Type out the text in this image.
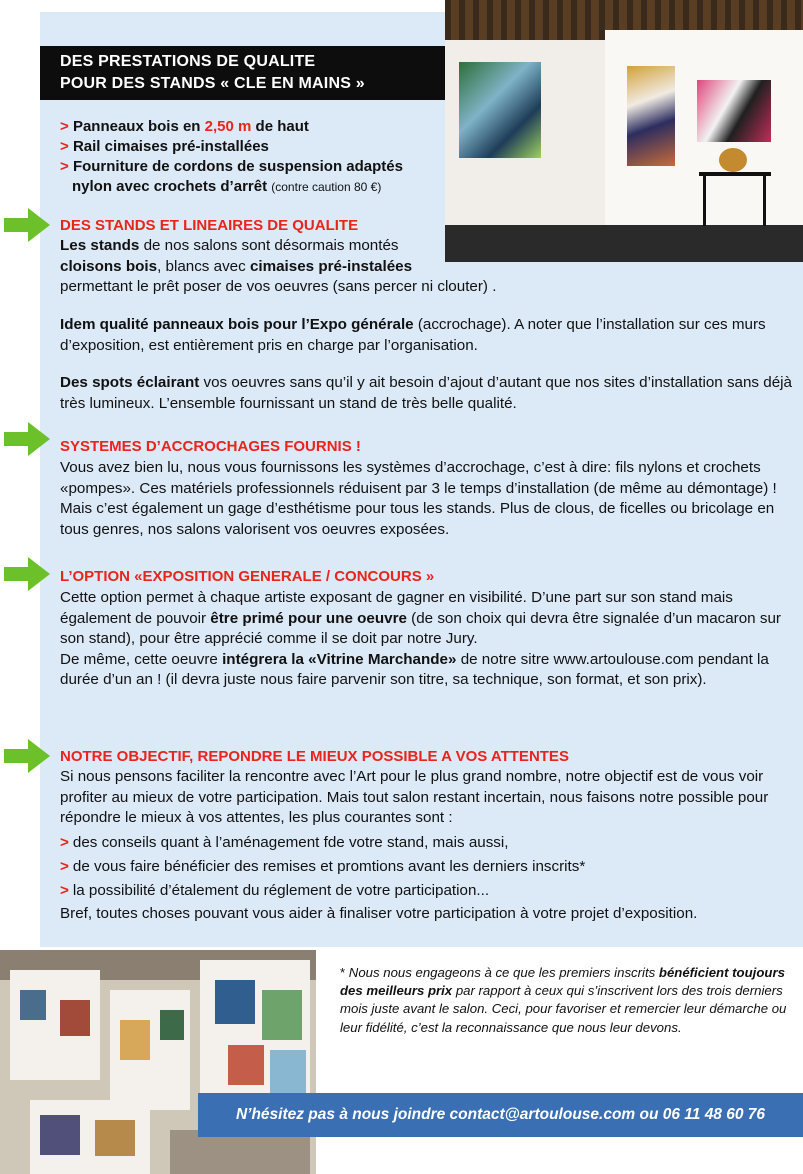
DES PRESTATIONS DE QUALITE
POUR DES STANDS « CLE EN MAINS »
> Panneaux bois en 2,50 m de haut
> Rail cimaises pré-installées
> Fourniture de cordons de suspension adaptés
nylon avec crochets d’arrêt (contre caution 80 €)
DES STANDS ET LINEAIRES DE QUALITE
Les stands de nos salons sont désormais montés
cloisons bois, blancs avec cimaises pré-instalées
permettant le prêt poser de vos oeuvres (sans percer ni clouter) .
Idem qualité panneaux bois pour l’Expo générale (accrochage). A noter que l’installation sur ces murs d’exposition, est entièrement pris en charge par l’organisation.
Des spots éclairant vos oeuvres sans qu’il y ait besoin d’ajout d’autant que nos sites d’installation sans déjà très lumineux. L’ensemble fournissant un stand de très belle qualité.
SYSTEMES D’ACCROCHAGES FOURNIS !
Vous avez bien lu, nous vous fournissons les systèmes d’accrochage, c’est à dire: fils nylons et crochets «pompes». Ces matériels professionnels réduisent par 3 le temps d’installation (de même au démontage) ! Mais c’est également un gage d’esthétisme pour tous les stands. Plus de clous, de ficelles ou bricolage en tous genres, nos salons valorisent vos oeuvres exposées.
L’OPTION «EXPOSITION GENERALE / CONCOURS »
Cette option permet à chaque artiste exposant de gagner en visibilité. D’une part sur son stand mais également de pouvoir être primé pour une oeuvre (de son choix qui devra être signalée d’un macaron sur son stand), pour être apprécié comme il se doit par notre Jury.
De même, cette oeuvre intégrera la «Vitrine Marchande» de notre sitre www.artoulouse.com pendant la durée d’un an ! (il devra juste nous faire parvenir son titre, sa technique, son format, et son prix).
NOTRE OBJECTIF, REPONDRE LE MIEUX POSSIBLE A VOS ATTENTES
Si nous pensons faciliter la rencontre avec l’Art pour le plus grand nombre, notre objectif est de vous voir profiter au mieux de votre participation. Mais tout salon restant incertain, nous faisons notre possible pour répondre le mieux à vos attentes, les plus courantes sont :
> des conseils quant à l’aménagement fde votre stand, mais aussi,
> de vous faire bénéficier des remises et promtions avant les derniers inscrits*
> la possibilité d’étalement du réglement de votre participation...
Bref, toutes choses pouvant vous aider à finaliser votre participation à votre projet d’exposition.
* Nous nous engageons à ce que les premiers inscrits bénéficient toujours des meilleurs prix par rapport à ceux qui s’inscrivent lors des trois derniers mois juste avant le salon. Ceci, pour favoriser et remercier leur démarche ou leur fidélité, c’est la reconnaissance que nous leur devons.
N’hésitez pas à nous joindre contact@artoulouse.com ou 06 11 48 60 76
